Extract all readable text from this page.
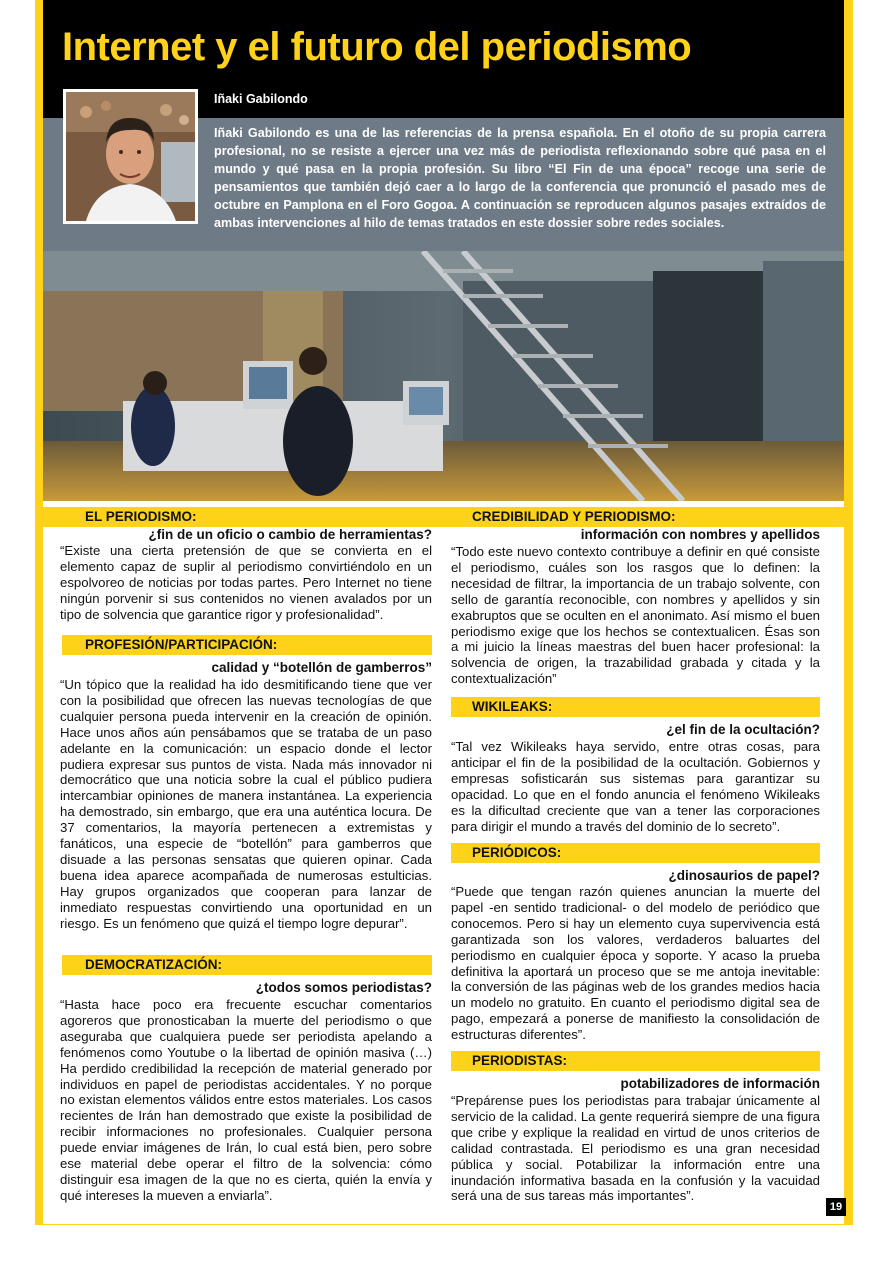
Internet y el futuro del periodismo
Iñaki Gabilondo

Iñaki Gabilondo es una de las referencias de la prensa española. En el otoño de su propia carrera profesional, no se resiste a ejercer una vez más de periodista reflexionando sobre qué pasa en el mundo y qué pasa en la propia profesión. Su libro “El Fin de una época” recoge una serie de pensamientos que también dejó caer a lo largo de la conferencia que pronunció el pasado mes de octubre en Pamplona en el Foro Gogoa. A continuación se reproducen algunos pasajes extraídos de ambas intervenciones al hilo de temas tratados en este dossier sobre redes sociales.

EL PERIODISMO:
¿fin de un oficio o cambio de herramientas?

“Existe una cierta pretensión de que se convierta en el elemento capaz de suplir al periodismo convirtiéndolo en un espolvoreo de noticias por todas partes. Pero Internet no tiene ningún porvenir si sus contenidos no vienen avalados por un tipo de solvencia que garantice rigor y profesionalidad”.

PROFESIÓN/PARTICIPACIÓN:
calidad y “botellón de gamberros”

“Un tópico que la realidad ha ido desmitificando tiene que ver con la posibilidad que ofrecen las nuevas tecnologías de que cualquier persona pueda intervenir en la creación de opinión. Hace unos años aún pensábamos que se trataba de un paso adelante en la comunicación: un espacio donde el lector pudiera expresar sus puntos de vista. Nada más innovador ni democrático que una noticia sobre la cual el público pudiera intercambiar opiniones de manera instantánea. La experiencia ha demostrado, sin embargo, que era una auténtica locura. De 37 comentarios, la mayoría pertenecen a extremistas y fanáticos, una especie de “botellón” para gamberros que disuade a las personas sensatas que quieren opinar. Cada buena idea aparece acompañada de numerosas estulticias. Hay grupos organizados que cooperan para lanzar de inmediato respuestas convirtiendo una oportunidad en un riesgo. Es un fenómeno que quizá el tiempo logre depurar”.

DEMOCRATIZACIÓN:
¿todos somos periodistas?

“Hasta hace poco era frecuente escuchar comentarios agoreros que pronosticaban la muerte del periodismo o que aseguraba que cualquiera puede ser periodista apelando a fenómenos como Youtube o la libertad de opinión masiva (…) Ha perdido credibilidad la recepción de material generado por individuos en papel de periodistas accidentales. Y no porque no existan elementos válidos entre estos materiales. Los casos recientes de Irán han demostrado que existe la posibilidad de recibir informaciones no profesionales. Cualquier persona puede enviar imágenes de Irán, lo cual está bien, pero sobre ese material debe operar el filtro de la solvencia: cómo distinguir esa imagen de la que no es cierta, quién la envía y qué intereses la mueven a enviarla”.

CREDIBILIDAD Y PERIODISMO:
información con nombres y apellidos

“Todo este nuevo contexto contribuye a definir en qué consiste el periodismo, cuáles son los rasgos que lo definen: la necesidad de filtrar, la importancia de un trabajo solvente, con sello de garantía reconocible, con nombres y apellidos y sin exabruptos que se oculten en el anonimato. Así mismo el buen periodismo exige que los hechos se contextualicen. Ésas son a mi juicio la líneas maestras del buen hacer profesional: la solvencia de origen, la trazabilidad grabada y citada y la contextualización”

WIKILEAKS:
¿el fin de la ocultación?

“Tal vez Wikileaks haya servido, entre otras cosas, para anticipar el fin de la posibilidad de la ocultación. Gobiernos y empresas sofisticarán sus sistemas para garantizar su opacidad. Lo que en el fondo anuncia el fenómeno Wikileaks es la dificultad creciente que van a tener las corporaciones para dirigir el mundo a través del dominio de lo secreto”.

PERIÓDICOS:
¿dinosaurios de papel?

“Puede que tengan razón quienes anuncian la muerte del papel -en sentido tradicional- o del modelo de periódico que conocemos. Pero si hay un elemento cuya supervivencia está garantizada son los valores, verdaderos baluartes del periodismo en cualquier época y soporte. Y acaso la prueba definitiva la aportará un proceso que se me antoja inevitable: la conversión de las páginas web de los grandes medios hacia un modelo no gratuito. En cuanto el periodismo digital sea de pago, empezará a ponerse de manifiesto la consolidación de estructuras diferentes”.

PERIODISTAS:
potabilizadores de información

“Prepárense pues los periodistas para trabajar únicamente al servicio de la calidad. La gente requerirá siempre de una figura que cribe y explique la realidad en virtud de unos criterios de calidad contrastada. El periodismo es una gran necesidad pública y social. Potabilizar la información entre una inundación informativa basada en la confusión y la vacuidad será una de sus tareas más importantes”.

19
